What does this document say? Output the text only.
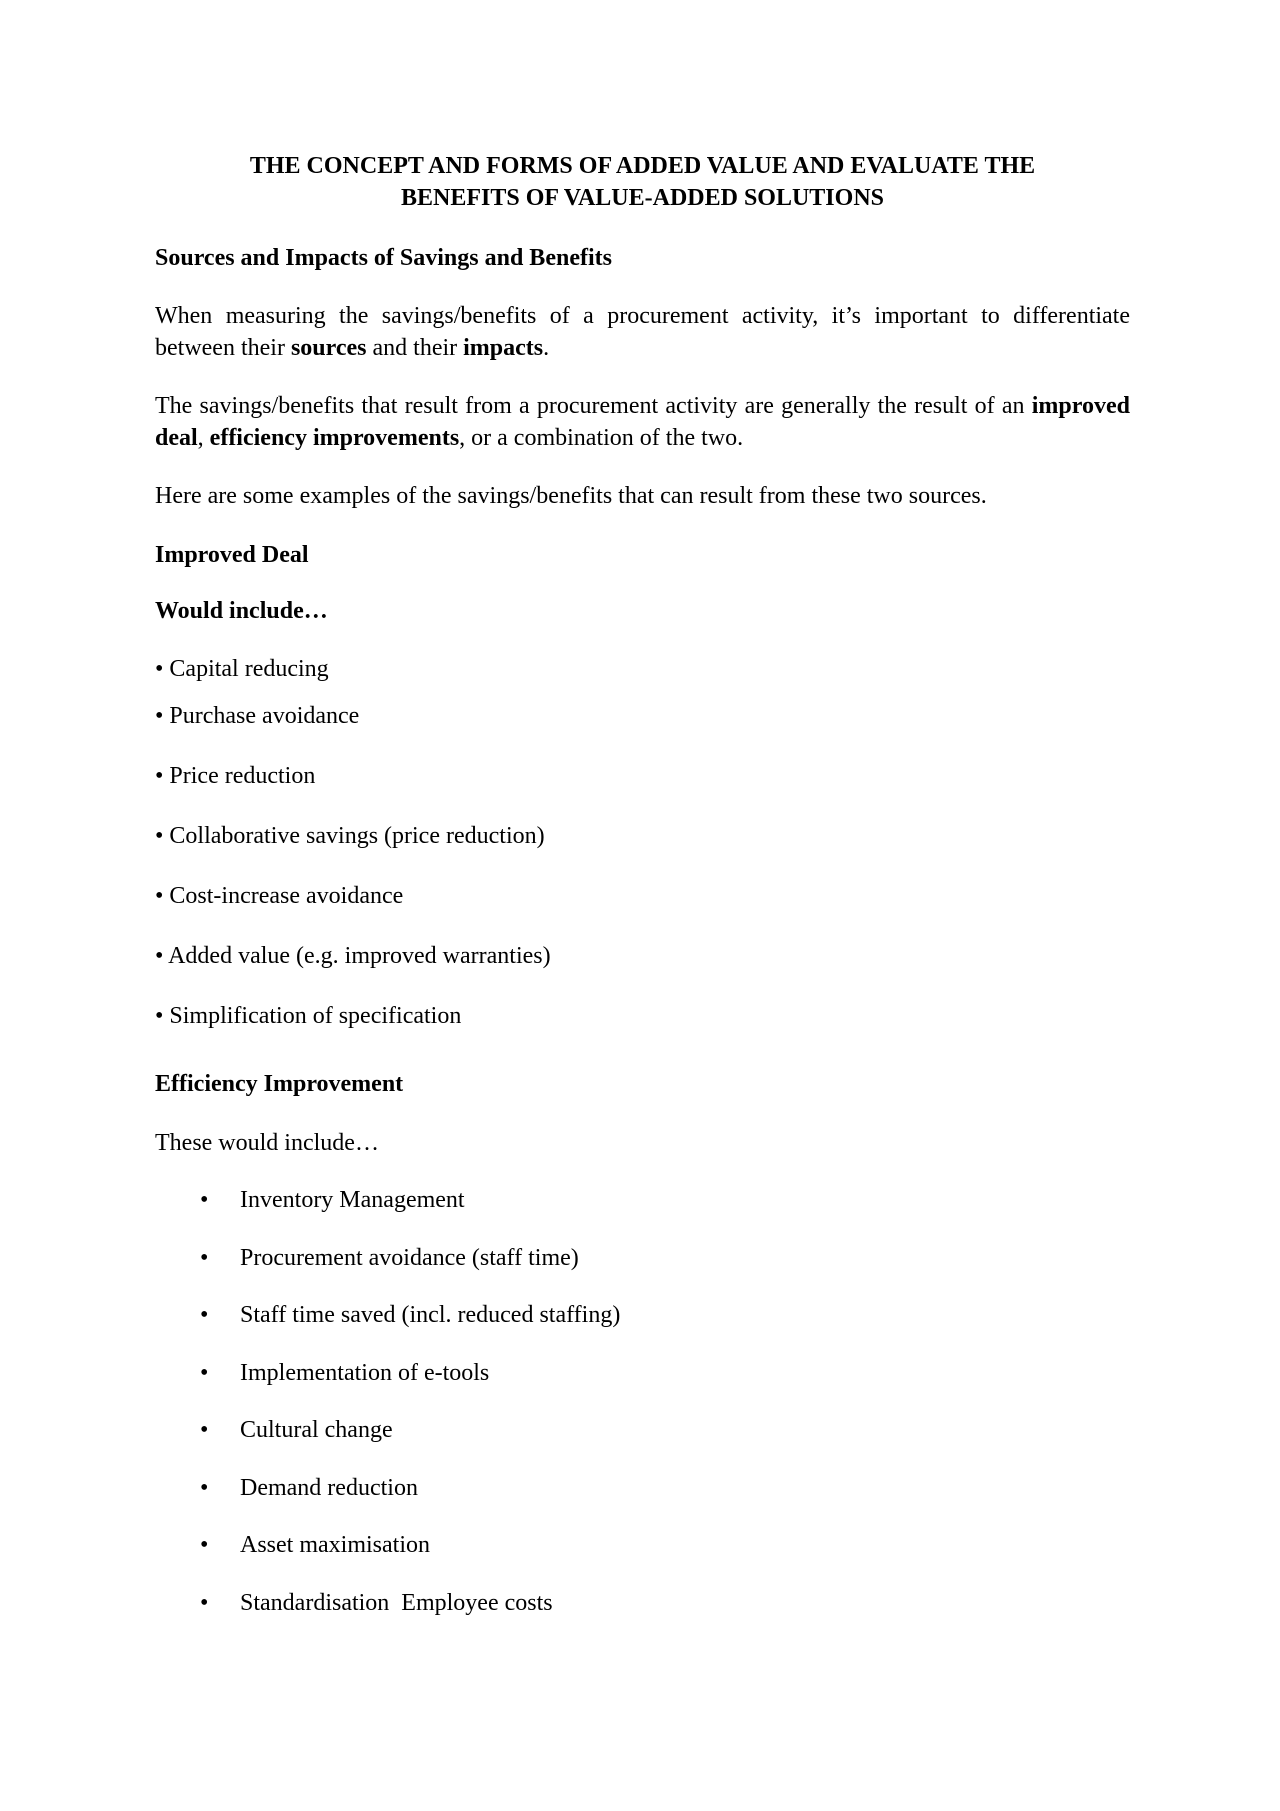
THE CONCEPT AND FORMS OF ADDED VALUE AND EVALUATE THE
BENEFITS OF VALUE-ADDED SOLUTIONS
Sources and Impacts of Savings and Benefits

When measuring the savings/benefits of a procurement activity, it’s important to differentiate between their sources and their impacts.

The savings/benefits that result from a procurement activity are generally the result of an improved deal, efficiency improvements, or a combination of the two.

Here are some examples of the savings/benefits that can result from these two sources.

Improved Deal
Would include…
• Capital reducing
• Purchase avoidance
• Price reduction
• Collaborative savings (price reduction)
• Cost-increase avoidance
• Added value (e.g. improved warranties)
• Simplification of specification
Efficiency Improvement

These would include…

• Inventory Management
• Procurement avoidance (staff time)
• Staff time saved (incl. reduced staffing)
• Implementation of e-tools
• Cultural change
• Demand reduction
• Asset maximisation
• Standardisation  Employee costs
